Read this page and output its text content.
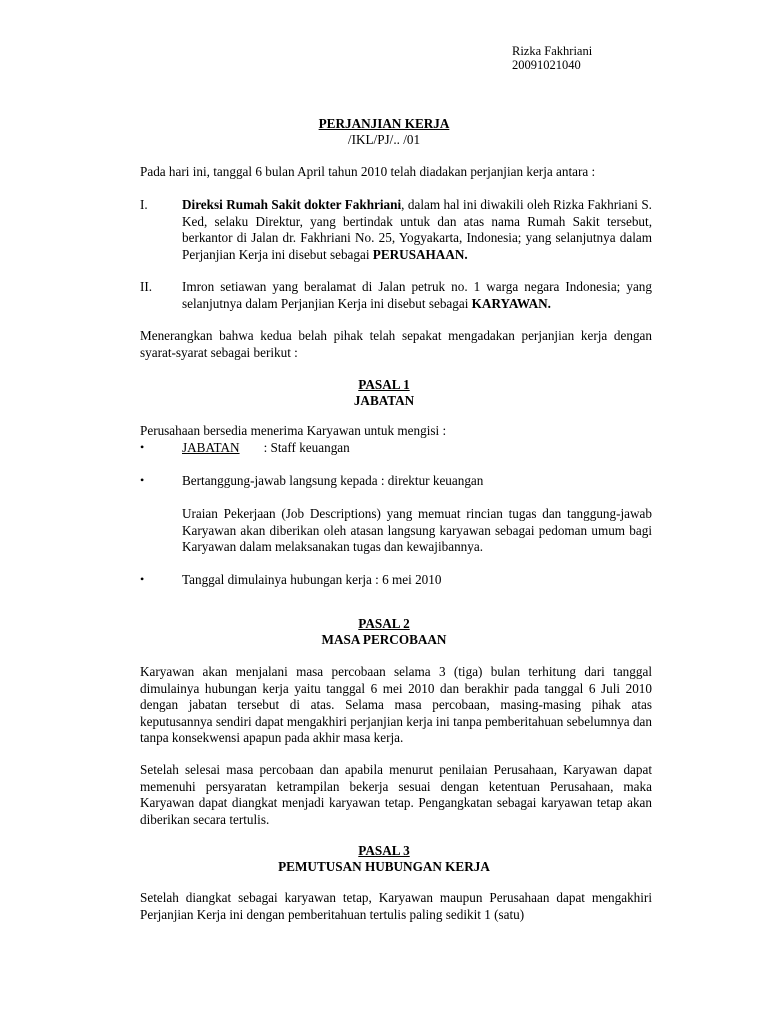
Rizka Fakhriani
20091021040
PERJANJIAN KERJA
/IKL/PJ/.. /01
Pada hari ini, tanggal 6 bulan April tahun 2010 telah diadakan perjanjian kerja antara :
I.	Direksi Rumah Sakit dokter Fakhriani, dalam hal ini diwakili oleh Rizka Fakhriani S. Ked, selaku Direktur, yang bertindak untuk dan atas nama Rumah Sakit tersebut, berkantor di Jalan dr. Fakhriani No. 25, Yogyakarta, Indonesia; yang selanjutnya dalam Perjanjian Kerja ini disebut sebagai PERUSAHAAN.
II. Imron setiawan yang beralamat di Jalan petruk no. 1 warga negara Indonesia; yang selanjutnya dalam Perjanjian Kerja ini disebut sebagai KARYAWAN.
Menerangkan bahwa kedua belah pihak telah sepakat mengadakan perjanjian kerja dengan syarat-syarat sebagai berikut :
PASAL 1
JABATAN
Perusahaan bersedia menerima Karyawan untuk mengisi :
•	JABATAN : Staff keuangan
•	Bertanggung-jawab langsung kepada : direktur keuangan
Uraian Pekerjaan (Job Descriptions) yang memuat rincian tugas dan tanggung-jawab Karyawan akan diberikan oleh atasan langsung karyawan sebagai pedoman umum bagi Karyawan dalam melaksanakan tugas dan kewajibannya.
•	Tanggal dimulainya hubungan kerja : 6 mei 2010
PASAL 2
MASA PERCOBAAN
Karyawan akan menjalani masa percobaan selama 3 (tiga) bulan terhitung dari tanggal dimulainya hubungan kerja yaitu tanggal 6 mei 2010 dan berakhir pada tanggal 6 Juli 2010 dengan jabatan tersebut di atas. Selama masa percobaan, masing-masing pihak atas keputusannya sendiri dapat mengakhiri perjanjian kerja ini tanpa pemberitahuan sebelumnya dan tanpa konsekwensi apapun pada akhir masa kerja.
Setelah selesai masa percobaan dan apabila menurut penilaian Perusahaan, Karyawan dapat memenuhi persyaratan ketrampilan bekerja sesuai dengan ketentuan Perusahaan, maka Karyawan dapat diangkat menjadi karyawan tetap. Pengangkatan sebagai karyawan tetap akan diberikan secara tertulis.
PASAL 3
PEMUTUSAN HUBUNGAN KERJA
Setelah diangkat sebagai karyawan tetap, Karyawan maupun Perusahaan dapat mengakhiri Perjanjian Kerja ini dengan pemberitahuan tertulis paling sedikit 1 (satu)
